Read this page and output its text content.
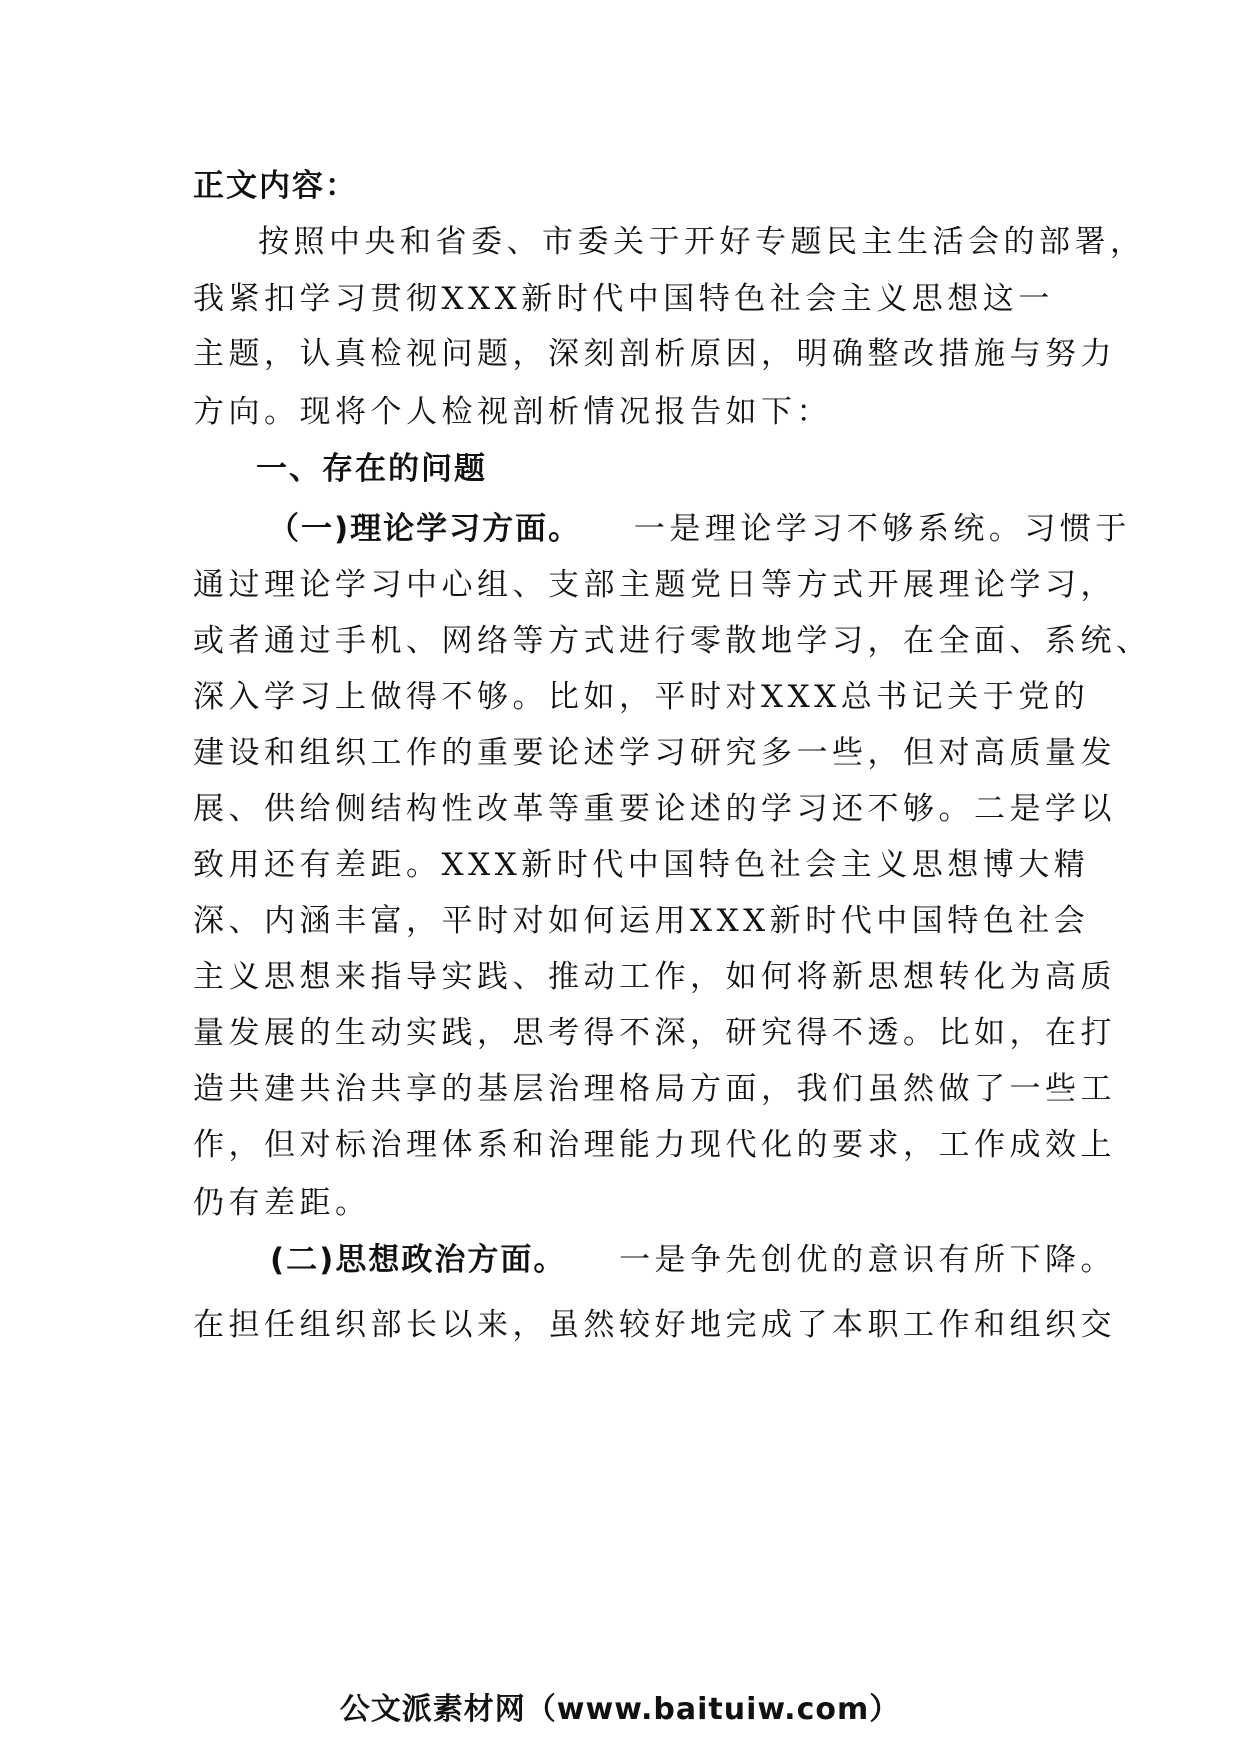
正文内容：
按照中央和省委、市委关于开好专题民主生活会的部署，
我紧扣学习贯彻XXX新时代中国特色社会主义思想这一
主题，认真检视问题，深刻剖析原因，明确整改措施与努力
方向。现将个人检视剖析情况报告如下：
一、存在的问题
（一)理论学习方面。 一是理论学习不够系统。习惯于
通过理论学习中心组、支部主题党日等方式开展理论学习，
或者通过手机、网络等方式进行零散地学习，在全面、系统、
深入学习上做得不够。比如，平时对XXX总书记关于党的
建设和组织工作的重要论述学习研究多一些，但对高质量发
展、供给侧结构性改革等重要论述的学习还不够。二是学以
致用还有差距。XXX新时代中国特色社会主义思想博大精
深、内涵丰富，平时对如何运用XXX新时代中国特色社会
主义思想来指导实践、推动工作，如何将新思想转化为高质
量发展的生动实践，思考得不深，研究得不透。比如，在打
造共建共治共享的基层治理格局方面，我们虽然做了一些工
作，但对标治理体系和治理能力现代化的要求，工作成效上
仍有差距。
(二)思想政治方面。 一是争先创优的意识有所下降。
在担任组织部长以来，虽然较好地完成了本职工作和组织交
公文派素材网（www.baituiw.com）
